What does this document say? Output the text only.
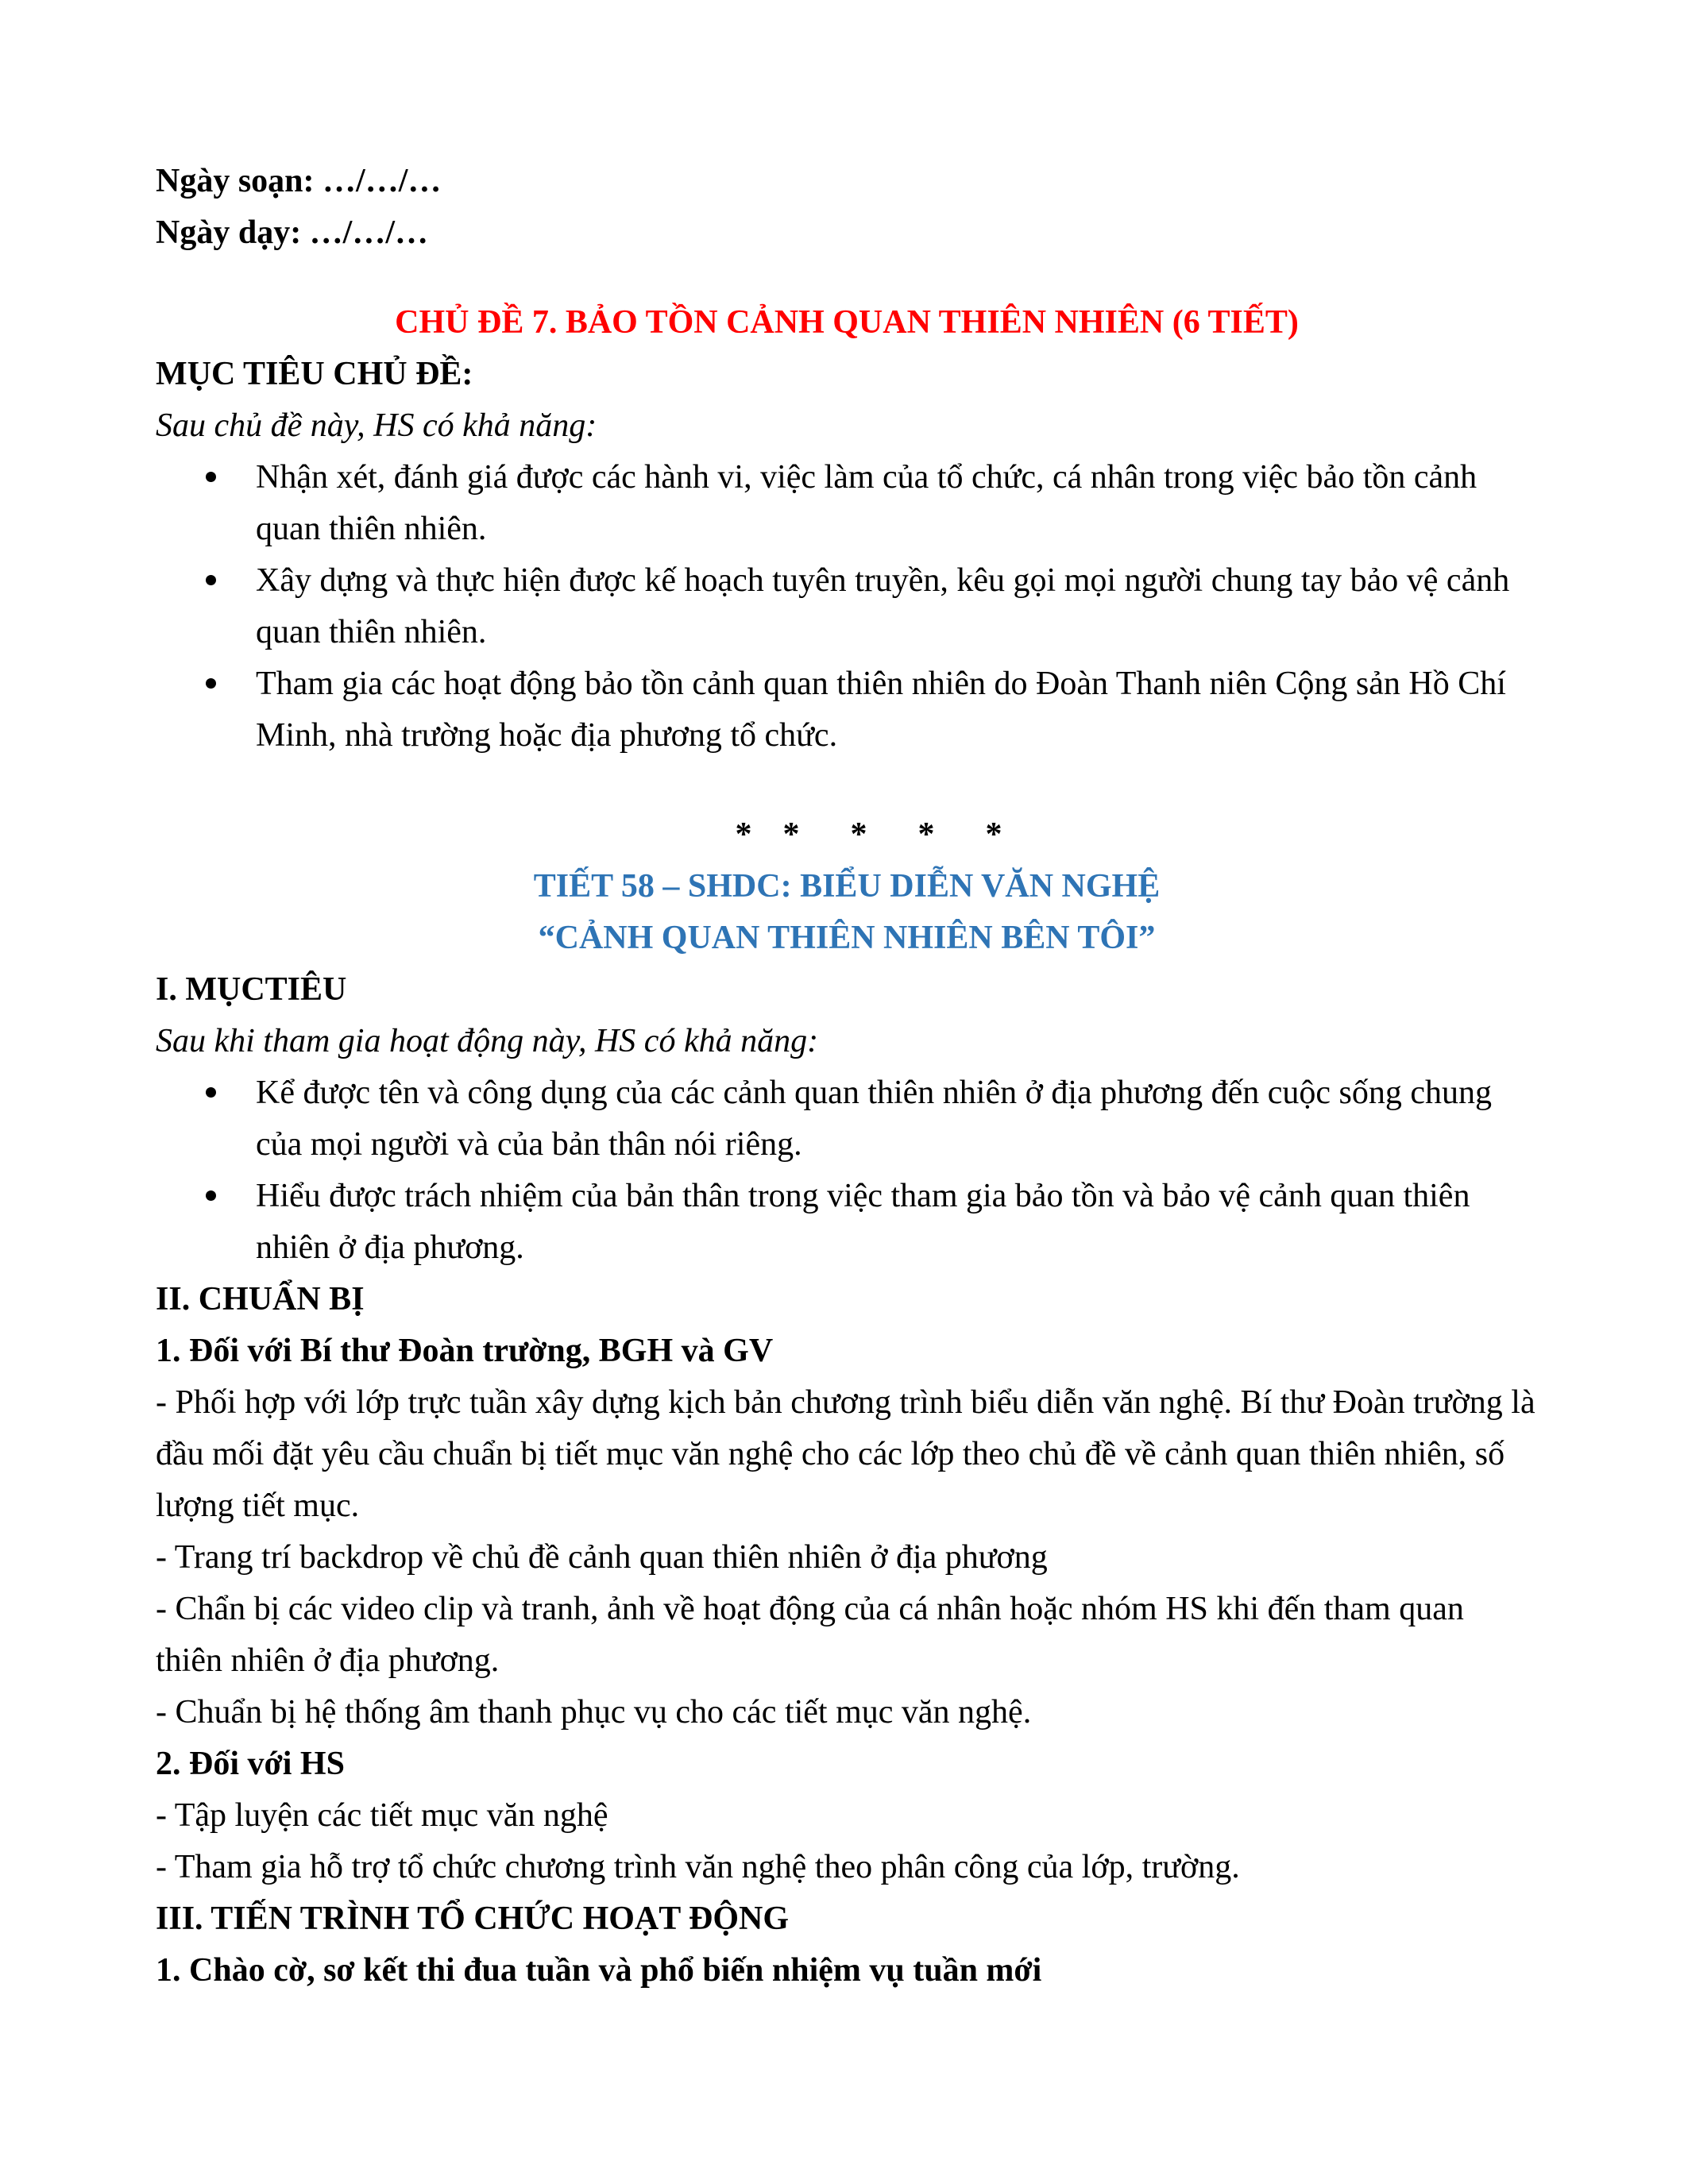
Ngày soạn: …/…/…
Ngày dạy: …/…/…
CHỦ ĐỀ 7. BẢO TỒN CẢNH QUAN THIÊN NHIÊN (6 TIẾT)
MỤC TIÊU CHỦ ĐỀ:
Sau chủ đề này, HS có khả năng:
Nhận xét, đánh giá được các hành vi, việc làm của tổ chức, cá nhân trong việc bảo tồn cảnh quan thiên nhiên.
Xây dựng và thực hiện được kế hoạch tuyên truyền, kêu gọi mọi người chung tay bảo vệ cảnh quan thiên nhiên.
Tham gia các hoạt động bảo tồn cảnh quan thiên nhiên do Đoàn Thanh niên Cộng sản Hồ Chí Minh, nhà trường hoặc địa phương tổ chức.
* * * * *
TIẾT 58 – SHDC: BIỂU DIỄN VĂN NGHỆ
“CẢNH QUAN THIÊN NHIÊN BÊN TÔI”
I. MỤCTIÊU
Sau khi tham gia hoạt động này, HS có khả năng:
Kể được tên và công dụng của các cảnh quan thiên nhiên ở địa phương đến cuộc sống chung của mọi người và của bản thân nói riêng.
Hiểu được trách nhiệm của bản thân trong việc tham gia bảo tồn và bảo vệ cảnh quan thiên nhiên ở địa phương.
II. CHUẨN BỊ
1. Đối với Bí thư Đoàn trường, BGH và GV
- Phối hợp với lớp trực tuần xây dựng kịch bản chương trình biểu diễn văn nghệ. Bí thư Đoàn trường là đầu mối đặt yêu cầu chuẩn bị tiết mục văn nghệ cho các lớp theo chủ đề về cảnh quan thiên nhiên, số lượng tiết mục.
- Trang trí backdrop về chủ đề cảnh quan thiên nhiên ở địa phương
- Chẩn bị các video clip và tranh, ảnh về hoạt động của cá nhân hoặc nhóm HS khi đến tham quan thiên nhiên ở địa phương.
- Chuẩn bị hệ thống âm thanh phục vụ cho các tiết mục văn nghệ.
2. Đối với HS
- Tập luyện các tiết mục văn nghệ
- Tham gia hỗ trợ tổ chức chương trình văn nghệ theo phân công của lớp, trường.
III. TIẾN TRÌNH TỔ CHỨC HOẠT ĐỘNG
1. Chào cờ, sơ kết thi đua tuần và phổ biến nhiệm vụ tuần mới
